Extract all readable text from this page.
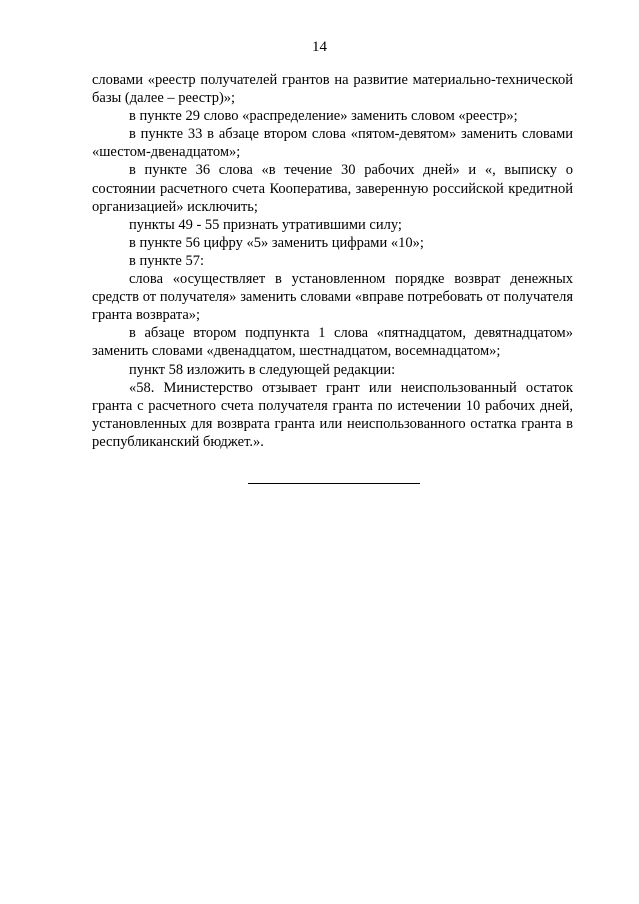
14

словами «реестр получателей грантов на развитие материально-технической базы (далее – реестр)»;

в пункте 29 слово «распределение» заменить словом «реестр»;

в пункте 33 в абзаце втором слова «пятом-девятом» заменить словами «шестом-двенадцатом»;

в пункте 36 слова «в течение 30 рабочих дней» и «, выписку о состоянии расчетного счета Кооператива, заверенную российской кредитной организацией» исключить;

пункты 49 - 55 признать утратившими силу;

в пункте 56 цифру «5» заменить цифрами «10»;

в пункте 57:

слова «осуществляет в установленном порядке возврат денежных средств от получателя» заменить словами «вправе потребовать от получателя гранта возврата»;

в абзаце втором подпункта 1 слова «пятнадцатом, девятнадцатом» заменить словами «двенадцатом, шестнадцатом, восемнадцатом»;

пункт 58 изложить в следующей редакции:

«58. Министерство отзывает грант или неиспользованный остаток гранта с расчетного счета получателя гранта по истечении 10 рабочих дней, установленных для возврата гранта или неиспользованного остатка гранта в республиканский бюджет.».
